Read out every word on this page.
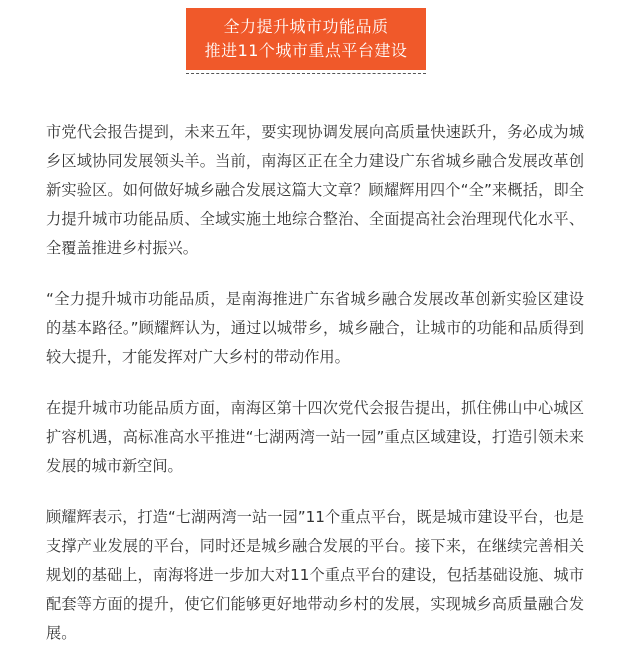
全力提升城市功能品质
推进11个城市重点平台建设

市党代会报告提到，未来五年，要实现协调发展向高质量快速跃升，务必成为城乡区域协同发展领头羊。当前，南海区正在全力建设广东省城乡融合发展改革创新实验区。如何做好城乡融合发展这篇大文章？顾耀辉用四个“全”来概括，即全力提升城市功能品质、全域实施土地综合整治、全面提高社会治理现代化水平、全覆盖推进乡村振兴。

“全力提升城市功能品质，是南海推进广东省城乡融合发展改革创新实验区建设的基本路径。”顾耀辉认为，通过以城带乡，城乡融合，让城市的功能和品质得到较大提升，才能发挥对广大乡村的带动作用。

在提升城市功能品质方面，南海区第十四次党代会报告提出，抓住佛山中心城区扩容机遇，高标准高水平推进“七湖两湾一站一园”重点区域建设，打造引领未来发展的城市新空间。

顾耀辉表示，打造“七湖两湾一站一园”11个重点平台，既是城市建设平台，也是支撑产业发展的平台，同时还是城乡融合发展的平台。接下来，在继续完善相关规划的基础上，南海将进一步加大对11个重点平台的建设，包括基础设施、城市配套等方面的提升，使它们能够更好地带动乡村的发展，实现城乡高质量融合发展。
